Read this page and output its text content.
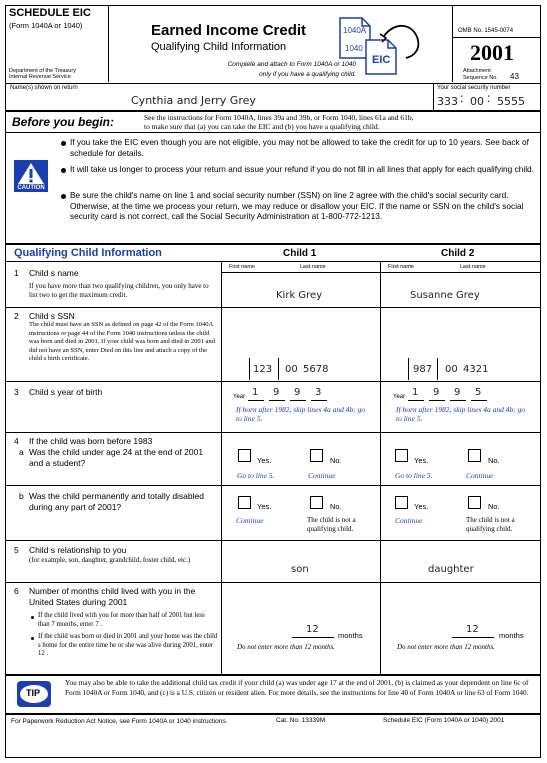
SCHEDULE EIC
(Form 1040A or 1040)
Department of the Treasury
Internal Revenue Service
Earned Income Credit
Qualifying Child Information
Complete and attach to Form 1040A or 1040
only if you have a qualifying child.
1040A
1040
EIC
OMB No. 1545-0074
2001
Attachment
Sequence No. 43
Name(s) shown on return
Cynthia and Jerry Grey
Your social security number
333 : 00 : 5555
Before you begin:	See the instructions for Form 1040A, lines 39a and 39b, or Form 1040, lines 61a and 61b,
to make sure that (a) you can take the EIC and (b) you have a qualifying child.
CAUTION
If you take the EIC even though you are not eligible, you may not be allowed to take the credit for up to 10 years. See back of schedule for details.
It will take us longer to process your return and issue your refund if you do not fill in all lines that apply for each qualifying child.
Be sure the child's name on line 1 and social security number (SSN) on line 2 agree with the child's social security card. Otherwise, at the time we process your return, we may reduce or disallow your EIC. If the name or SSN on the child's social security card is not correct, call the Social Security Administration at 1-800-772-1213.
Qualifying Child Information	Child 1	Child 2
1 Child s name
If you have more than two qualifying children, you only have to list two to get the maximum credit.
First name	Last name	First name	Last name
Kirk Grey	Susanne Grey
2 Child s SSN
The child must have an SSN as defined on page 42 of the Form 1040A instructions or page 44 of the Form 1040 instructions unless the child was born and died in 2001. If your child was born and died in 2001 and did not have an SSN, enter Died on this line and attach a copy of the child s birth certificate.
123 00 5678	987 00 4321
3 Child s year of birth	Year 1 9 9 3
If born after 1982, skip lines 4a and 4b; go to line 5.
Year 1 9 9 5
If born after 1982, skip lines 4a and 4b; go to line 5.
4 If the child was born before 1983
a Was the child under age 24 at the end of 2001 and a student?	Yes.	No.
Go to line 5.	Continue
Yes.	No.
Go to line 5.	Continue
b Was the child permanently and totally disabled during any part of 2001?	Yes.	No.
Continue	The child is not a qualifying child.
Yes.	No.
Continue	The child is not a qualifying child.
5 Child s relationship to you
(for example, son, daughter, grandchild, foster child, etc.)
son	daughter
6 Number of months child lived with you in the United States during 2001
If the child lived with you for more than half of 2001 but less than 7 months, enter 7 .
If the child was born or died in 2001 and your home was the child s home for the entire time he or she was alive during 2001, enter 12 .
12
months
Do not enter more than 12 months.
12
months
Do not enter more than 12 months.
TIP
You may also be able to take the additional child tax credit if your child (a) was under age 17 at the end of 2001, (b) is claimed as your dependent on line 6c of Form 1040A or Form 1040, and (c) is a U.S. citizen or resident alien. For more details, see the instructions for line 40 of Form 1040A or line 63 of Form 1040.
For Paperwork Reduction Act Notice, see Form 1040A or 1040 instructions.	Cat. No. 13339M	Schedule EIC (Form 1040A or 1040) 2001
